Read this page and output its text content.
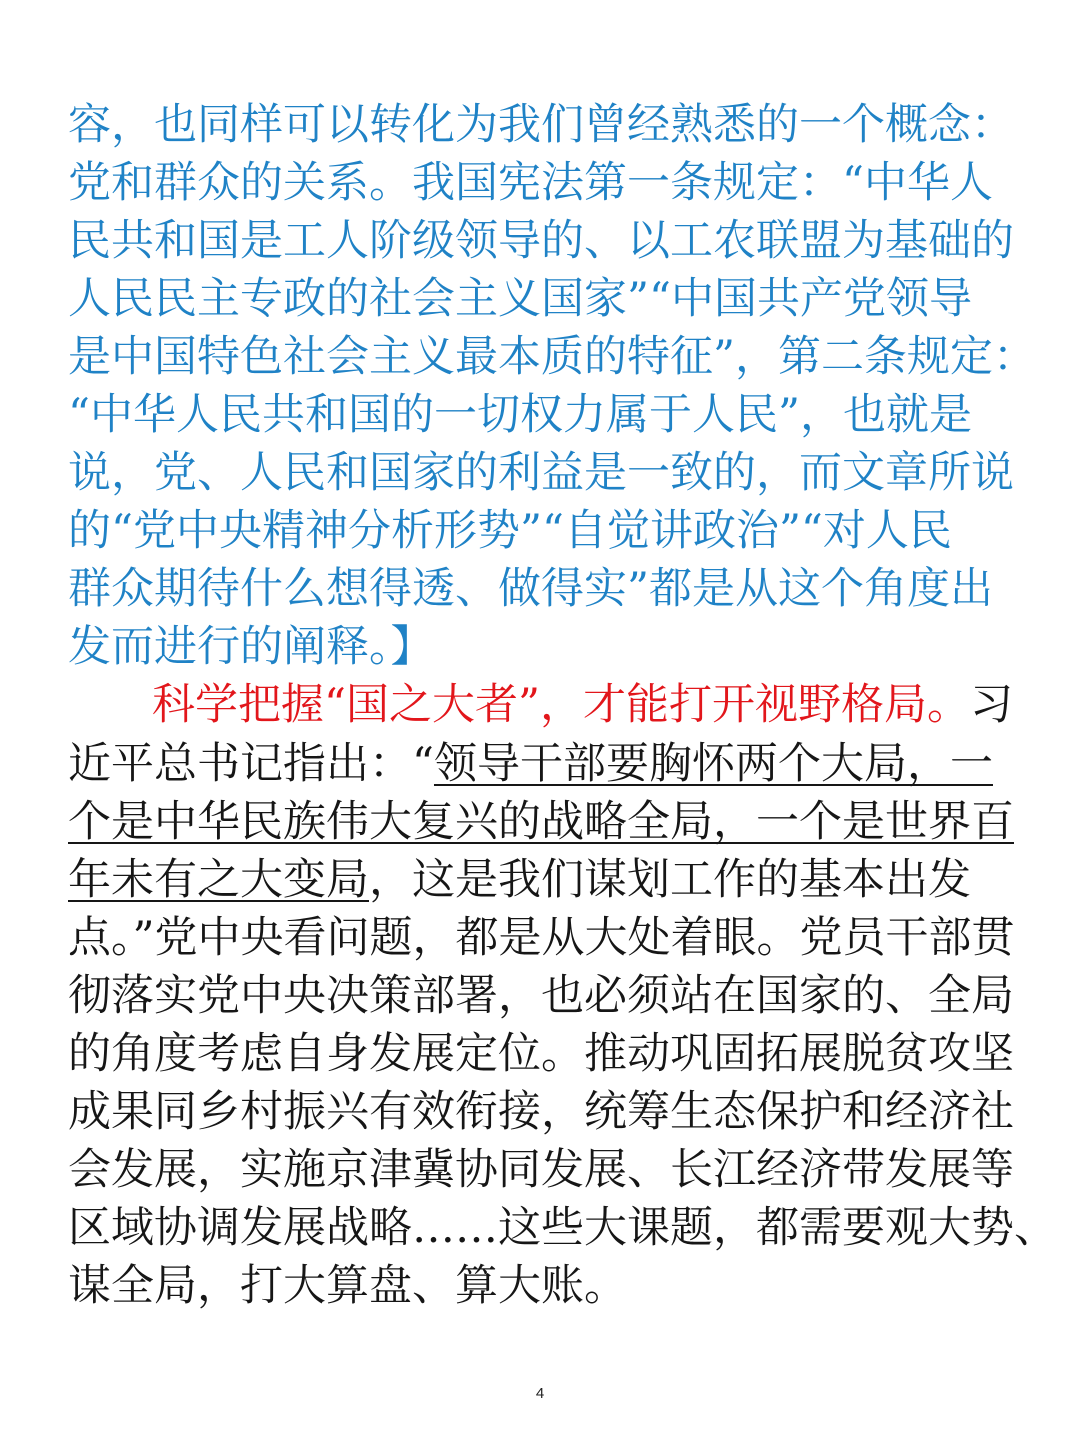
容，也同样可以转化为我们曾经熟悉的一个概念：
党和群众的关系。我国宪法第一条规定：“中华人
民共和国是工人阶级领导的、以工农联盟为基础的
人民民主专政的社会主义国家”“中国共产党领导
是中国特色社会主义最本质的特征”，第二条规定：
“中华人民共和国的一切权力属于人民”，也就是
说，党、人民和国家的利益是一致的，而文章所说
的“党中央精神分析形势”“自觉讲政治”“对人民
群众期待什么想得透、做得实”都是从这个角度出
发而进行的阐释。】
科学把握“国之大者”，才能打开视野格局。习
近平总书记指出：“领导干部要胸怀两个大局，一
个是中华民族伟大复兴的战略全局，一个是世界百
年未有之大变局，这是我们谋划工作的基本出发
点。”党中央看问题，都是从大处着眼。党员干部贯
彻落实党中央决策部署，也必须站在国家的、全局
的角度考虑自身发展定位。推动巩固拓展脱贫攻坚
成果同乡村振兴有效衔接，统筹生态保护和经济社
会发展，实施京津冀协同发展、长江经济带发展等
区域协调发展战略……这些大课题，都需要观大势、
谋全局，打大算盘、算大账。
4
